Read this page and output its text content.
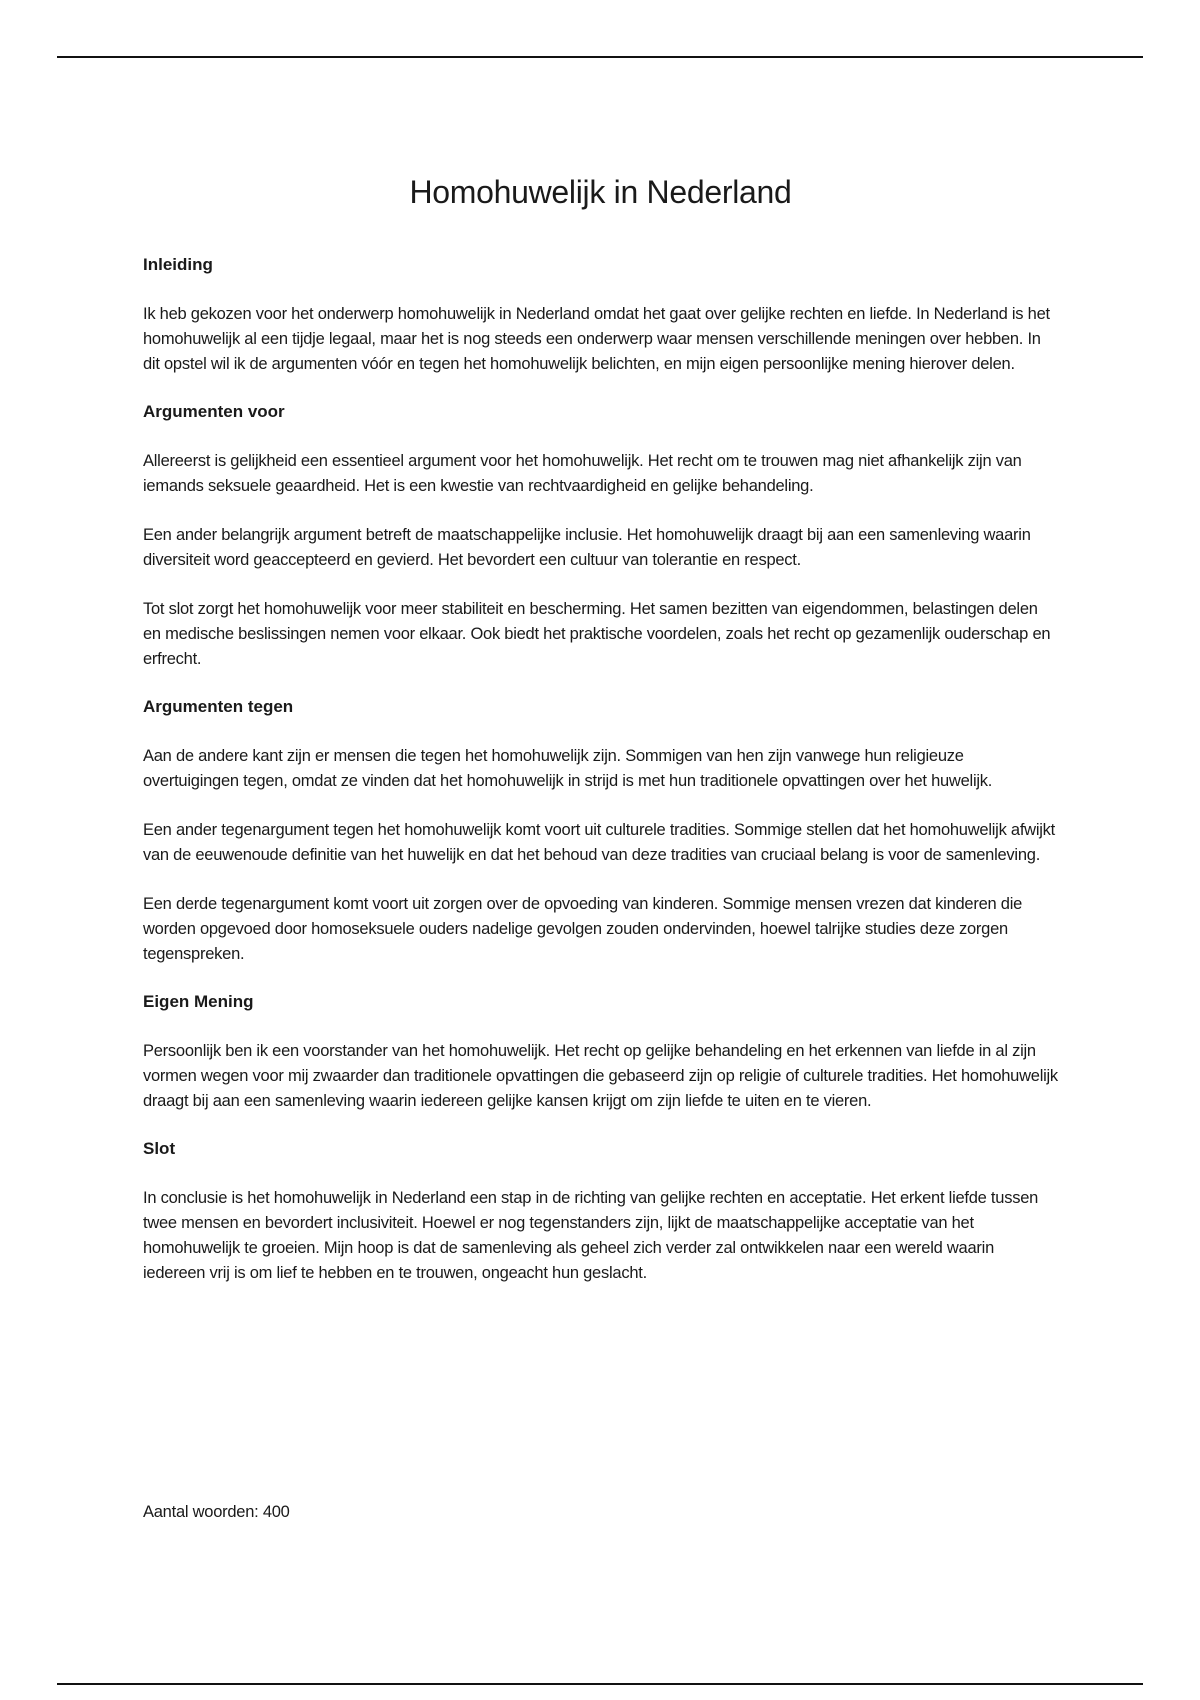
Homohuwelijk in Nederland
Inleiding

Ik heb gekozen voor het onderwerp homohuwelijk in Nederland omdat het gaat over gelijke rechten en liefde. In Nederland is het homohuwelijk al een tijdje legaal, maar het is nog steeds een onderwerp waar mensen verschillende meningen over hebben. In dit opstel wil ik de argumenten vóór en tegen het homohuwelijk belichten, en mijn eigen persoonlijke mening hierover delen.

Argumenten voor

Allereerst is gelijkheid een essentieel argument voor het homohuwelijk. Het recht om te trouwen mag niet afhankelijk zijn van iemands seksuele geaardheid. Het is een kwestie van rechtvaardigheid en gelijke behandeling.

Een ander belangrijk argument betreft de maatschappelijke inclusie. Het homohuwelijk draagt bij aan een samenleving waarin diversiteit word geaccepteerd en gevierd. Het bevordert een cultuur van tolerantie en respect.

Tot slot zorgt het homohuwelijk voor meer stabiliteit en bescherming. Het samen bezitten van eigendommen, belastingen delen en medische beslissingen nemen voor elkaar. Ook biedt het praktische voordelen, zoals het recht op gezamenlijk ouderschap en erfrecht.

Argumenten tegen

Aan de andere kant zijn er mensen die tegen het homohuwelijk zijn. Sommigen van hen zijn vanwege hun religieuze overtuigingen tegen, omdat ze vinden dat het homohuwelijk in strijd is met hun traditionele opvattingen over het huwelijk.

Een ander tegenargument tegen het homohuwelijk komt voort uit culturele tradities. Sommige stellen dat het homohuwelijk afwijkt van de eeuwenoude definitie van het huwelijk en dat het behoud van deze tradities van cruciaal belang is voor de samenleving.

Een derde tegenargument komt voort uit zorgen over de opvoeding van kinderen. Sommige mensen vrezen dat kinderen die worden opgevoed door homoseksuele ouders nadelige gevolgen zouden ondervinden, hoewel talrijke studies deze zorgen tegenspreken.

Eigen Mening

Persoonlijk ben ik een voorstander van het homohuwelijk. Het recht op gelijke behandeling en het erkennen van liefde in al zijn vormen wegen voor mij zwaarder dan traditionele opvattingen die gebaseerd zijn op religie of culturele tradities. Het homohuwelijk draagt bij aan een samenleving waarin iedereen gelijke kansen krijgt om zijn liefde te uiten en te vieren.

Slot

In conclusie is het homohuwelijk in Nederland een stap in de richting van gelijke rechten en acceptatie. Het erkent liefde tussen twee mensen en bevordert inclusiviteit. Hoewel er nog tegenstanders zijn, lijkt de maatschappelijke acceptatie van het homohuwelijk te groeien. Mijn hoop is dat de samenleving als geheel zich verder zal ontwikkelen naar een wereld waarin iedereen vrij is om lief te hebben en te trouwen, ongeacht hun geslacht.

Aantal woorden: 400
